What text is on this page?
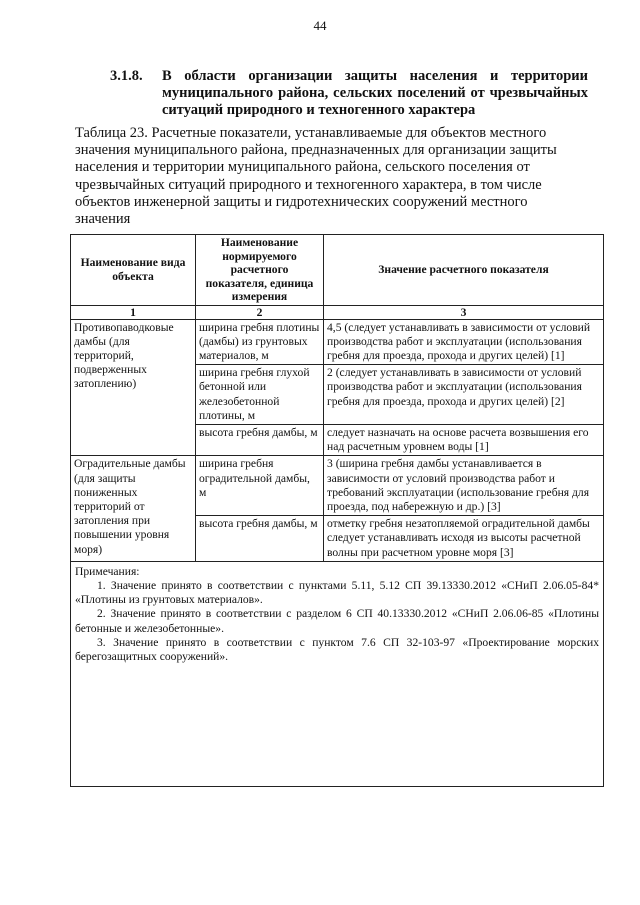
44
3.1.8.	В области организации защиты населения и территории муниципального района, сельских поселений от чрезвычайных ситуаций природного и техногенного характера
Таблица 23. Расчетные показатели, устанавливаемые для объектов местного значения муниципального района, предназначенных для организации защиты населения и территории муниципального района, сельского поселения от чрезвычайных ситуаций природного и техногенного характера, в том числе объектов инженерной защиты и гидротехнических сооружений местного значения
Наименование вида объекта	Наименование нормируемого расчетного показателя, единица измерения	Значение расчетного показателя
1	2	3
Противопаводковые дамбы (для территорий, подверженных затоплению)	ширина гребня плотины (дамбы) из грунтовых материалов, м	4,5 (следует устанавливать в зависимости от условий производства работ и эксплуатации (использования гребня для проезда, прохода и других целей) [1]
	ширина гребня глухой бетонной или железобетонной плотины, м	2 (следует устанавливать в зависимости от условий производства работ и эксплуатации (использования гребня для проезда, прохода и других целей) [2]
	высота гребня дамбы, м	следует назначать на основе расчета возвышения его над расчетным уровнем воды [1]
Оградительные дамбы (для защиты пониженных территорий от затопления при повышении уровня моря)	ширина гребня оградительной дамбы, м	3 (ширина гребня дамбы устанавливается в зависимости от условий производства работ и требований эксплуатации (использование гребня для проезда, под набережную и др.) [3]
	высота гребня дамбы, м	отметку гребня незатопляемой оградительной дамбы следует устанавливать исходя из высоты расчетной волны при расчетном уровне моря [3]

Примечания:
1. Значение принято в соответствии с пунктами 5.11, 5.12 СП 39.13330.2012 «СНиП 2.06.05-84* «Плотины из грунтовых материалов».
2. Значение принято в соответствии с разделом 6 СП 40.13330.2012 «СНиП 2.06.06-85 «Плотины бетонные и железобетонные».
3. Значение принято в соответствии с пунктом 7.6 СП 32-103-97 «Проектирование морских берегозащитных сооружений».		
